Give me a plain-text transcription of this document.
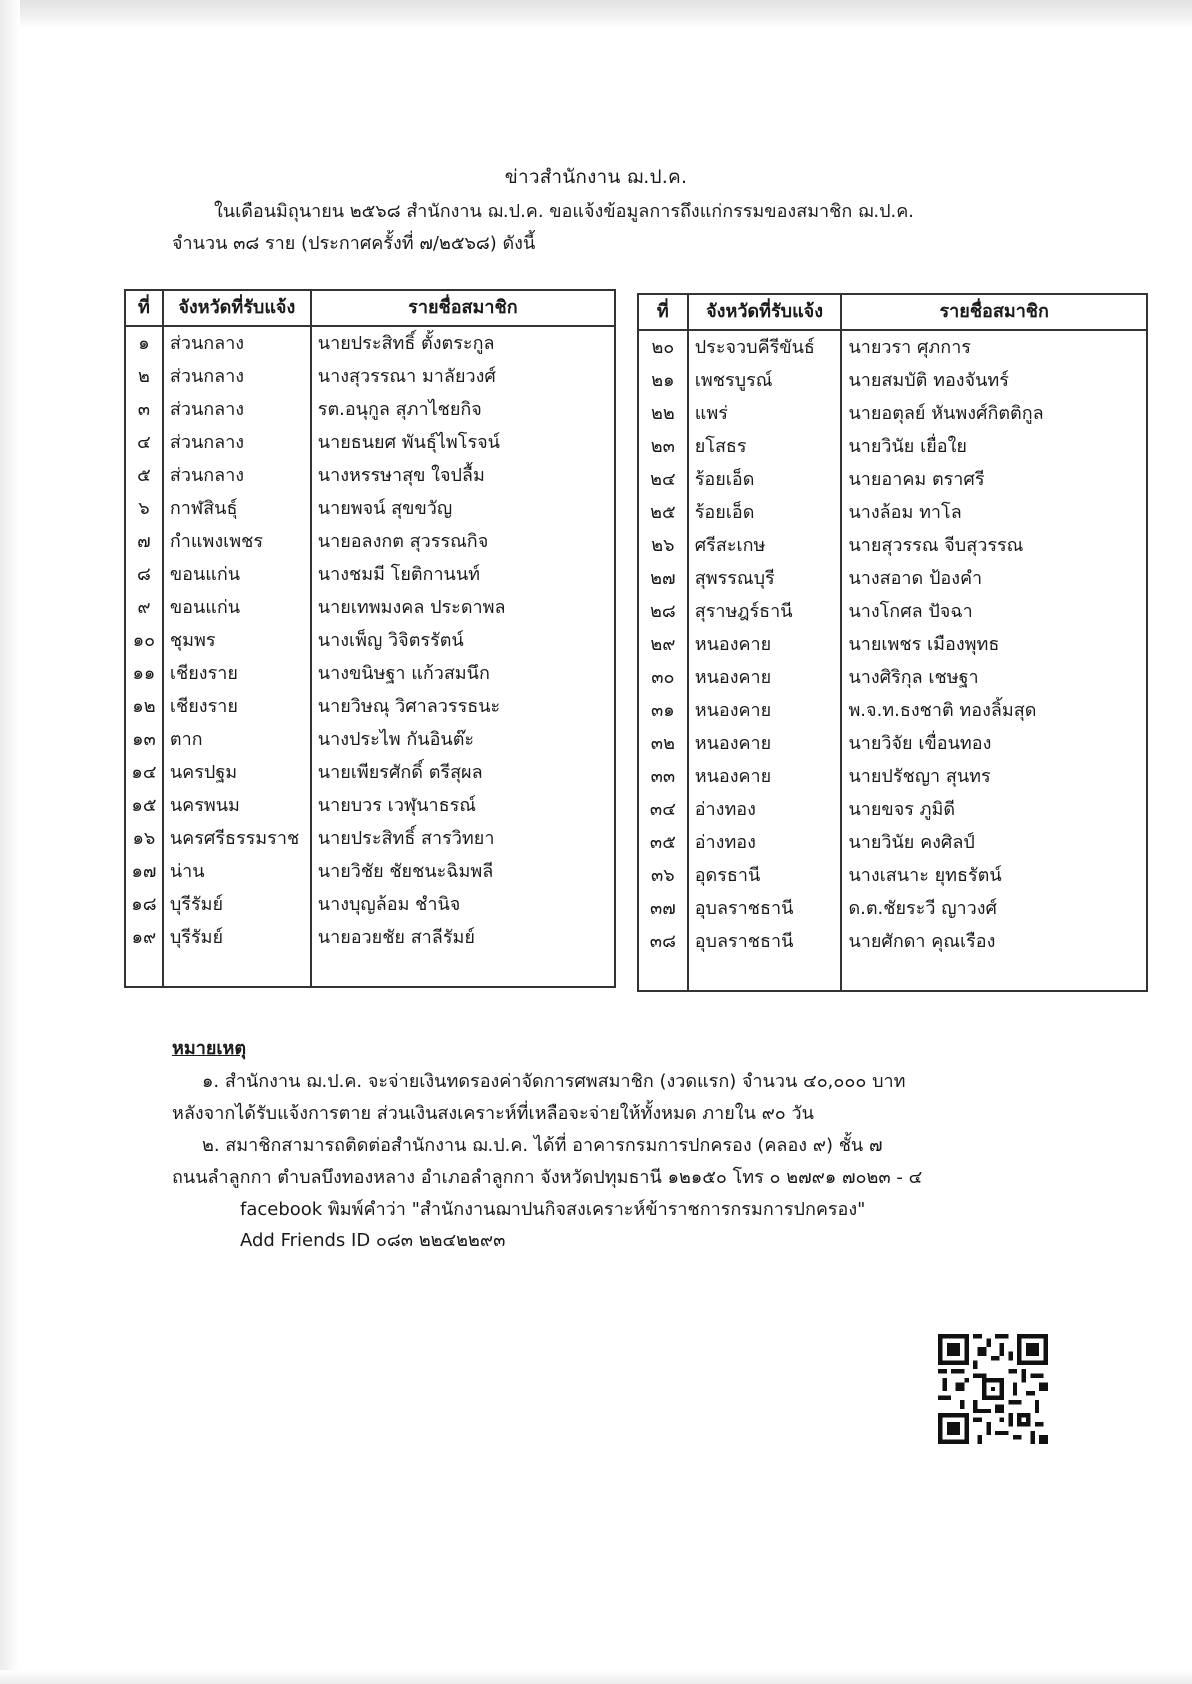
ข่าวสำนักงาน ฌ.ป.ค.
ในเดือนมิถุนายน ๒๕๖๘ สำนักงาน ฌ.ป.ค. ขอแจ้งข้อมูลการถึงแก่กรรมของสมาชิก ฌ.ป.ค.
จำนวน ๓๘ ราย (ประกาศครั้งที่ ๗/๒๕๖๘) ดังนี้
ที่	จังหวัดที่รับแจ้ง	รายชื่อสมาชิก
๑	ส่วนกลาง	นายประสิทธิ์ ตั้งตระกูล
๒	ส่วนกลาง	นางสุวรรณา มาลัยวงศ์
๓	ส่วนกลาง	รต.อนุกูล สุภาไชยกิจ
๔	ส่วนกลาง	นายธนยศ พันธุ์ไพโรจน์
๕	ส่วนกลาง	นางหรรษาสุข ใจปลื้ม
๖	กาฬสินธุ์	นายพจน์ สุขขวัญ
๗	กำแพงเพชร	นายอลงกต สุวรรณกิจ
๘	ขอนแก่น	นางชมมี โยติกานนท์
๙	ขอนแก่น	นายเทพมงคล ประดาพล
๑๐	ชุมพร	นางเพ็ญ วิจิตรรัตน์
๑๑	เชียงราย	นางขนิษฐา แก้วสมนึก
๑๒	เชียงราย	นายวิษณุ วิศาลวรรธนะ
๑๓	ตาก	นางประไพ กันอินต๊ะ
๑๔	นครปฐม	นายเพียรศักดิ์ ตรีสุผล
๑๕	นครพนม	นายบวร เวฬุนาธรณ์
๑๖	นครศรีธรรมราช	นายประสิทธิ์ สารวิทยา
๑๗	น่าน	นายวิชัย ชัยชนะฉิมพลี
๑๘	บุรีรัมย์	นางบุญล้อม ชำนิจ
๑๙	บุรีรัมย์	นายอวยชัย สาลีรัมย์

ที่	จังหวัดที่รับแจ้ง	รายชื่อสมาชิก
๒๐	ประจวบคีรีขันธ์	นายวรา ศุภการ
๒๑	เพชรบูรณ์	นายสมบัติ ทองจันทร์
๒๒	แพร่	นายอตุลย์ หันพงศ์กิตติกูล
๒๓	ยโสธร	นายวินัย เยื่อใย
๒๔	ร้อยเอ็ด	นายอาคม ตราศรี
๒๕	ร้อยเอ็ด	นางล้อม ทาโล
๒๖	ศรีสะเกษ	นายสุวรรณ จีบสุวรรณ
๒๗	สุพรรณบุรี	นางสอาด ป้องคำ
๒๘	สุราษฎร์ธานี	นางโกศล ปัจฉา
๒๙	หนองคาย	นายเพชร เมืองพุทธ
๓๐	หนองคาย	นางศิริกุล เชษฐา
๓๑	หนองคาย	พ.จ.ท.ธงชาติ ทองลิ้มสุด
๓๒	หนองคาย	นายวิจัย เขื่อนทอง
๓๓	หนองคาย	นายปรัชญา สุนทร
๓๔	อ่างทอง	นายขจร ภูมิดี
๓๕	อ่างทอง	นายวินัย คงศิลป์
๓๖	อุดรธานี	นางเสนาะ ยุทธรัตน์
๓๗	อุบลราชธานี	ด.ต.ชัยระวี ญาวงศ์
๓๘	อุบลราชธานี	นายศักดา คุณเรือง

หมายเหตุ
๑. สำนักงาน ฌ.ป.ค. จะจ่ายเงินทดรองค่าจัดการศพสมาชิก (งวดแรก) จำนวน ๔๐,๐๐๐ บาท
หลังจากได้รับแจ้งการตาย ส่วนเงินสงเคราะห์ที่เหลือจะจ่ายให้ทั้งหมด ภายใน ๙๐ วัน
๒. สมาชิกสามารถติดต่อสำนักงาน ฌ.ป.ค. ได้ที่ อาคารกรมการปกครอง (คลอง ๙) ชั้น ๗
ถนนลำลูกกา ตำบลบึงทองหลาง อำเภอลำลูกกา จังหวัดปทุมธานี ๑๒๑๕๐ โทร ๐ ๒๗๙๑ ๗๐๒๓ - ๔
facebook พิมพ์คำว่า "สำนักงานฌาปนกิจสงเคราะห์ข้าราชการกรมการปกครอง"
Add Friends ID ๐๘๓ ๒๒๔๒๒๙๓
